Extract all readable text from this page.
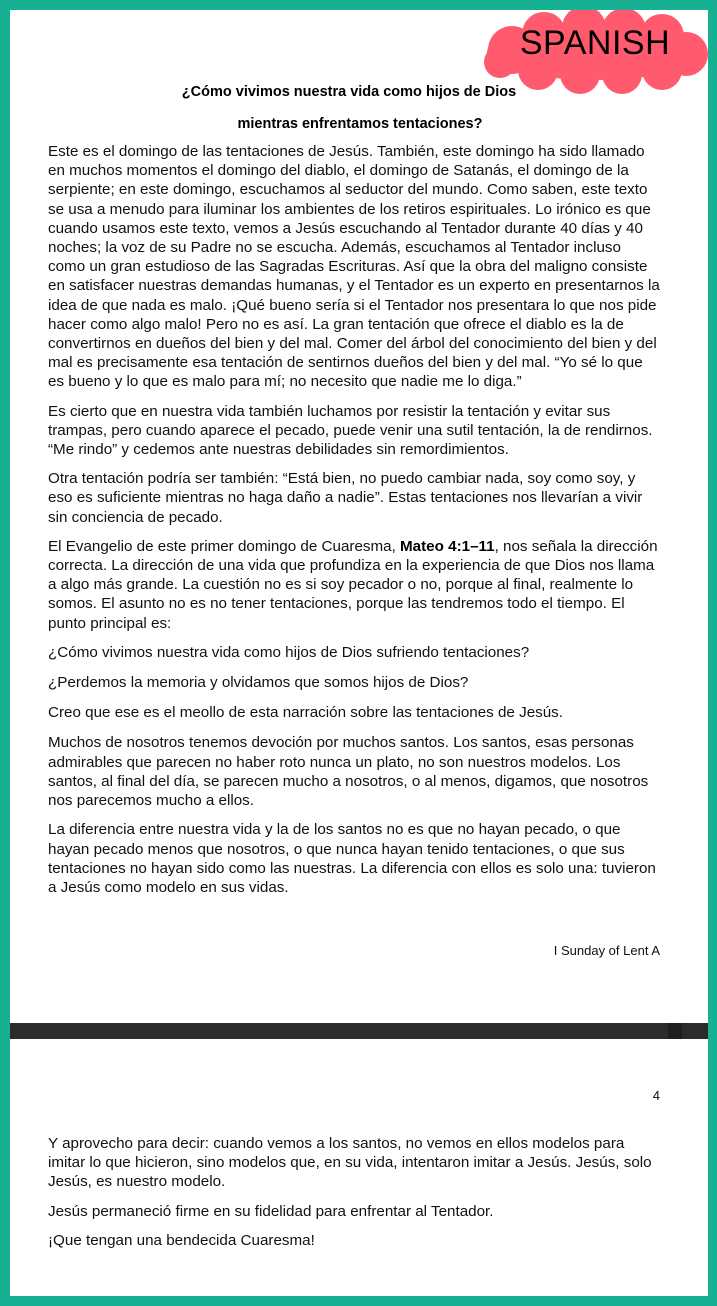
SPANISH
¿Cómo vivimos nuestra vida como hijos de Dios
mientras enfrentamos tentaciones?

Este es el domingo de las tentaciones de Jesús. También, este domingo ha sido llamado en muchos momentos el domingo del diablo, el domingo de Satanás, el domingo de la serpiente; en este domingo, escuchamos al seductor del mundo. Como saben, este texto se usa a menudo para iluminar los ambientes de los retiros espirituales. Lo irónico es que cuando usamos este texto, vemos a Jesús escuchando al Tentador durante 40 días y 40 noches; la voz de su Padre no se escucha. Además, escuchamos al Tentador incluso como un gran estudioso de las Sagradas Escrituras. Así que la obra del maligno consiste en satisfacer nuestras demandas humanas, y el Tentador es un experto en presentarnos la idea de que nada es malo. ¡Qué bueno sería si el Tentador nos presentara lo que nos pide hacer como algo malo! Pero no es así. La gran tentación que ofrece el diablo es la de convertirnos en dueños del bien y del mal. Comer del árbol del conocimiento del bien y del mal es precisamente esa tentación de sentirnos dueños del bien y del mal. “Yo sé lo que es bueno y lo que es malo para mí; no necesito que nadie me lo diga.”

Es cierto que en nuestra vida también luchamos por resistir la tentación y evitar sus trampas, pero cuando aparece el pecado, puede venir una sutil tentación, la de rendirnos. “Me rindo” y cedemos ante nuestras debilidades sin remordimientos.

Otra tentación podría ser también: “Está bien, no puedo cambiar nada, soy como soy, y eso es suficiente mientras no haga daño a nadie”. Estas tentaciones nos llevarían a vivir sin conciencia de pecado.

El Evangelio de este primer domingo de Cuaresma, Mateo 4:1–11, nos señala la dirección correcta. La dirección de una vida que profundiza en la experiencia de que Dios nos llama a algo más grande. La cuestión no es si soy pecador o no, porque al final, realmente lo somos. El asunto no es no tener tentaciones, porque las tendremos todo el tiempo. El punto principal es:

¿Cómo vivimos nuestra vida como hijos de Dios sufriendo tentaciones?

¿Perdemos la memoria y olvidamos que somos hijos de Dios?

Creo que ese es el meollo de esta narración sobre las tentaciones de Jesús.

Muchos de nosotros tenemos devoción por muchos santos. Los santos, esas personas admirables que parecen no haber roto nunca un plato, no son nuestros modelos. Los santos, al final del día, se parecen mucho a nosotros, o al menos, digamos, que nosotros nos parecemos mucho a ellos.

La diferencia entre nuestra vida y la de los santos no es que no hayan pecado, o que hayan pecado menos que nosotros, o que nunca hayan tenido tentaciones, o que sus tentaciones no hayan sido como las nuestras. La diferencia con ellos es solo una: tuvieron a Jesús como modelo en sus vidas.

I Sunday of Lent A
4

Y aprovecho para decir: cuando vemos a los santos, no vemos en ellos modelos para imitar lo que hicieron, sino modelos que, en su vida, intentaron imitar a Jesús. Jesús, solo Jesús, es nuestro modelo.

Jesús permaneció firme en su fidelidad para enfrentar al Tentador.

¡Que tengan una bendecida Cuaresma!
